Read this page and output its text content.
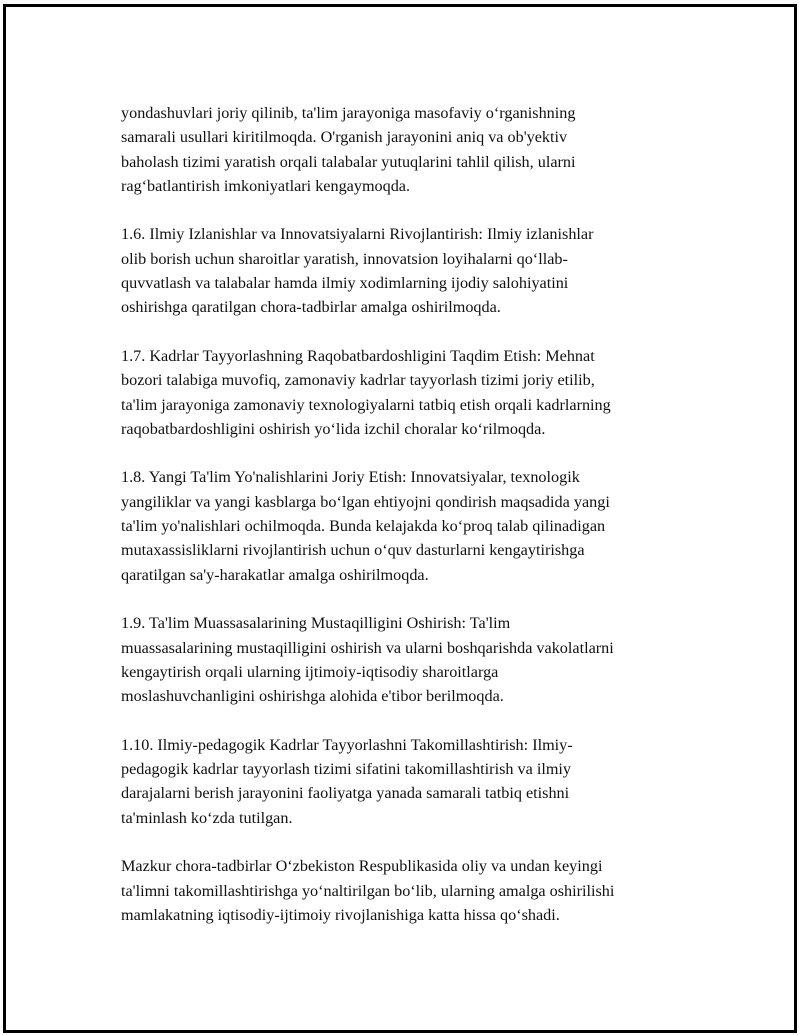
yondashuvlari joriy qilinib, ta'lim jarayoniga masofaviy o‘rganishning
samarali usullari kiritilmoqda. O'rganish jarayonini aniq va ob'yektiv
baholash tizimi yaratish orqali talabalar yutuqlarini tahlil qilish, ularni
rag‘batlantirish imkoniyatlari kengaymoqda.

1.6. Ilmiy Izlanishlar va Innovatsiyalarni Rivojlantirish: Ilmiy izlanishlar
olib borish uchun sharoitlar yaratish, innovatsion loyihalarni qo‘llab-
quvvatlash va talabalar hamda ilmiy xodimlarning ijodiy salohiyatini
oshirishga qaratilgan chora-tadbirlar amalga oshirilmoqda.

1.7. Kadrlar Tayyorlashning Raqobatbardoshligini Taqdim Etish: Mehnat
bozori talabiga muvofiq, zamonaviy kadrlar tayyorlash tizimi joriy etilib,
ta'lim jarayoniga zamonaviy texnologiyalarni tatbiq etish orqali kadrlarning
raqobatbardoshligini oshirish yo‘lida izchil choralar ko‘rilmoqda.

1.8. Yangi Ta'lim Yo'nalishlarini Joriy Etish: Innovatsiyalar, texnologik
yangiliklar va yangi kasblarga bo‘lgan ehtiyojni qondirish maqsadida yangi
ta'lim yo'nalishlari ochilmoqda. Bunda kelajakda ko‘proq talab qilinadigan
mutaxassisliklarni rivojlantirish uchun o‘quv dasturlarni kengaytirishga
qaratilgan sa'y-harakatlar amalga oshirilmoqda.

1.9. Ta'lim Muassasalarining Mustaqilligini Oshirish: Ta'lim
muassasalarining mustaqilligini oshirish va ularni boshqarishda vakolatlarni
kengaytirish orqali ularning ijtimoiy-iqtisodiy sharoitlarga
moslashuvchanligini oshirishga alohida e'tibor berilmoqda.

1.10. Ilmiy-pedagogik Kadrlar Tayyorlashni Takomillashtirish: Ilmiy-
pedagogik kadrlar tayyorlash tizimi sifatini takomillashtirish va ilmiy
darajalarni berish jarayonini faoliyatga yanada samarali tatbiq etishni
ta'minlash ko‘zda tutilgan.

Mazkur chora-tadbirlar O‘zbekiston Respublikasida oliy va undan keyingi
ta'limni takomillashtirishga yo‘naltirilgan bo‘lib, ularning amalga oshirilishi
mamlakatning iqtisodiy-ijtimoiy rivojlanishiga katta hissa qo‘shadi.
